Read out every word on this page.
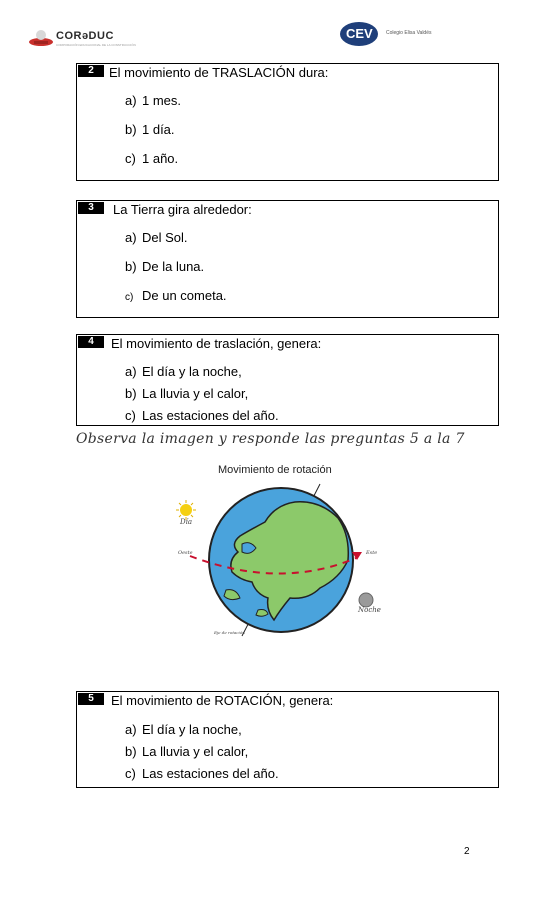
CORəDUC
CORPORACIÓN EDUCACIONAL DE LA CONSTRUCCIÓN
CEV	Colegio Elisa Valdés
2	El movimiento de TRASLACIÓN dura:
a) 1 mes.
b) 1 día.
c) 1 año.
3	La Tierra gira alrededor:
a) Del Sol.
b) De la luna.
c) De un cometa.
4	El movimiento de traslación, genera:
a) El día y la noche,
b) La lluvia y el calor,
c) Las estaciones del año.
Observa la imagen y responde las preguntas 5 a la 7
Movimiento de rotación
Día
Oeste	Este
Noche
Eje de rotación
5	El movimiento de ROTACIÓN, genera:
a) El día y la noche,
b) La lluvia y el calor,
c) Las estaciones del año.
2
